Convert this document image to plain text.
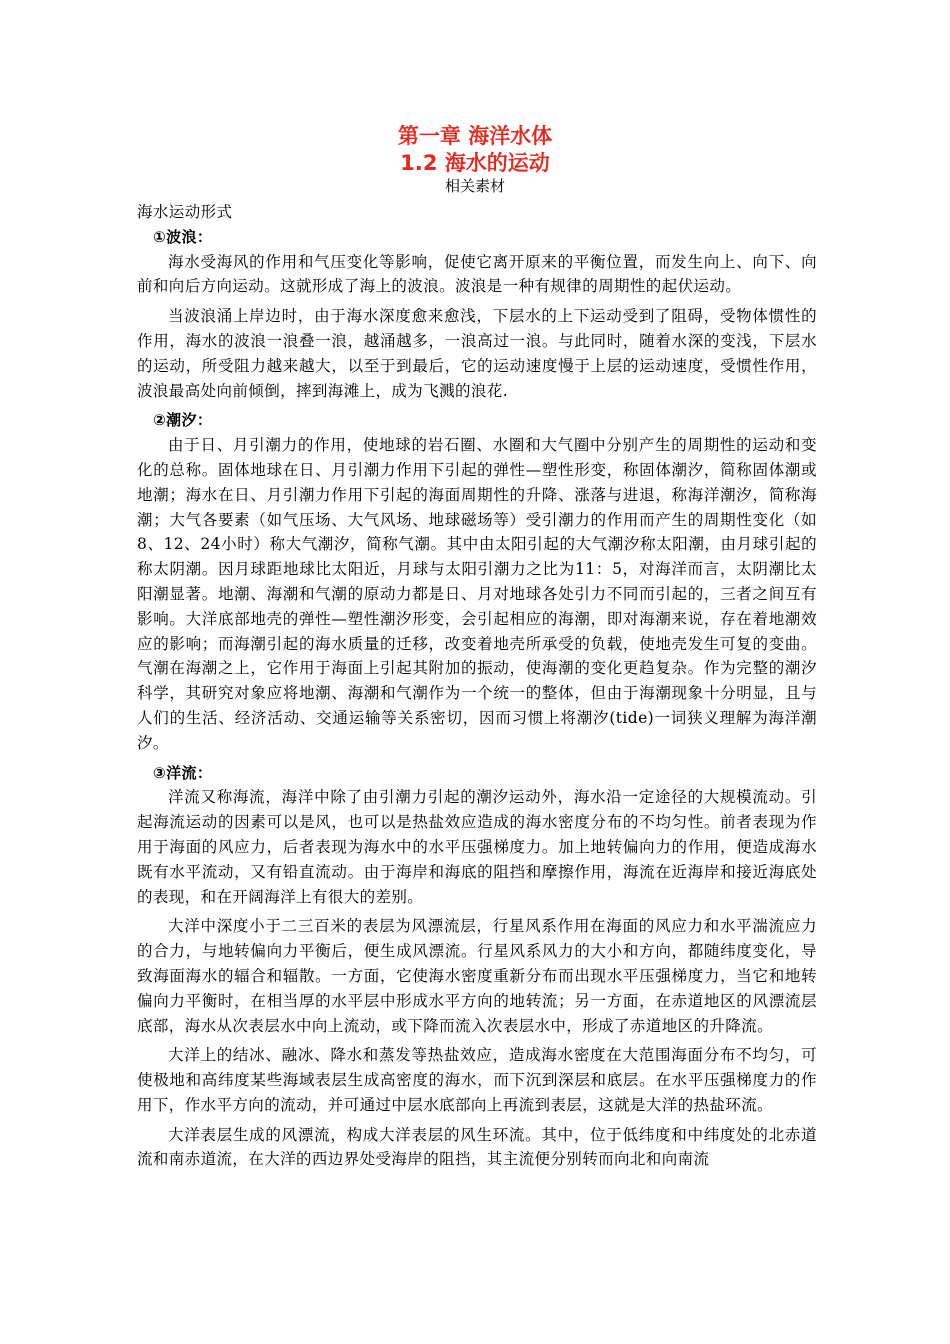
第一章 海洋水体
1.2 海水的运动
相关素材

海水运动形式

①波浪：

海水受海风的作用和气压变化等影响，促使它离开原来的平衡位置，而发生向上、向下、向前和向后方向运动。这就形成了海上的波浪。波浪是一种有规律的周期性的起伏运动。

当波浪涌上岸边时，由于海水深度愈来愈浅，下层水的上下运动受到了阻碍，受物体惯性的作用，海水的波浪一浪叠一浪，越涌越多，一浪高过一浪。与此同时，随着水深的变浅，下层水的运动，所受阻力越来越大，以至于到最后，它的运动速度慢于上层的运动速度，受惯性作用，波浪最高处向前倾倒，摔到海滩上，成为飞溅的浪花.

②潮汐：

由于日、月引潮力的作用，使地球的岩石圈、水圈和大气圈中分别产生的周期性的运动和变化的总称。固体地球在日、月引潮力作用下引起的弹性—塑性形变，称固体潮汐，简称固体潮或地潮；海水在日、月引潮力作用下引起的海面周期性的升降、涨落与进退，称海洋潮汐，简称海潮；大气各要素（如气压场、大气风场、地球磁场等）受引潮力的作用而产生的周期性变化（如8、12、24小时）称大气潮汐，简称气潮。其中由太阳引起的大气潮汐称太阳潮，由月球引起的称太阴潮。因月球距地球比太阳近，月球与太阳引潮力之比为11：5，对海洋而言，太阴潮比太阳潮显著。地潮、海潮和气潮的原动力都是日、月对地球各处引力不同而引起的，三者之间互有影响。大洋底部地壳的弹性—塑性潮汐形变，会引起相应的海潮，即对海潮来说，存在着地潮效应的影响；而海潮引起的海水质量的迁移，改变着地壳所承受的负载，使地壳发生可复的变曲。气潮在海潮之上，它作用于海面上引起其附加的振动，使海潮的变化更趋复杂。作为完整的潮汐科学，其研究对象应将地潮、海潮和气潮作为一个统一的整体，但由于海潮现象十分明显，且与人们的生活、经济活动、交通运输等关系密切，因而习惯上将潮汐(tide)一词狭义理解为海洋潮汐。

③洋流：

洋流又称海流，海洋中除了由引潮力引起的潮汐运动外，海水沿一定途径的大规模流动。引起海流运动的因素可以是风，也可以是热盐效应造成的海水密度分布的不均匀性。前者表现为作用于海面的风应力，后者表现为海水中的水平压强梯度力。加上地转偏向力的作用，便造成海水既有水平流动，又有铅直流动。由于海岸和海底的阻挡和摩擦作用，海流在近海岸和接近海底处的表现，和在开阔海洋上有很大的差别。

大洋中深度小于二三百米的表层为风漂流层，行星风系作用在海面的风应力和水平湍流应力的合力，与地转偏向力平衡后，便生成风漂流。行星风系风力的大小和方向，都随纬度变化，导致海面海水的辐合和辐散。一方面，它使海水密度重新分布而出现水平压强梯度力，当它和地转偏向力平衡时，在相当厚的水平层中形成水平方向的地转流；另一方面，在赤道地区的风漂流层底部，海水从次表层水中向上流动，或下降而流入次表层水中，形成了赤道地区的升降流。

大洋上的结冰、融冰、降水和蒸发等热盐效应，造成海水密度在大范围海面分布不均匀，可使极地和高纬度某些海域表层生成高密度的海水，而下沉到深层和底层。在水平压强梯度力的作用下，作水平方向的流动，并可通过中层水底部向上再流到表层，这就是大洋的热盐环流。

大洋表层生成的风漂流，构成大洋表层的风生环流。其中，位于低纬度和中纬度处的北赤道流和南赤道流，在大洋的西边界处受海岸的阻挡，其主流便分别转而向北和向南流
